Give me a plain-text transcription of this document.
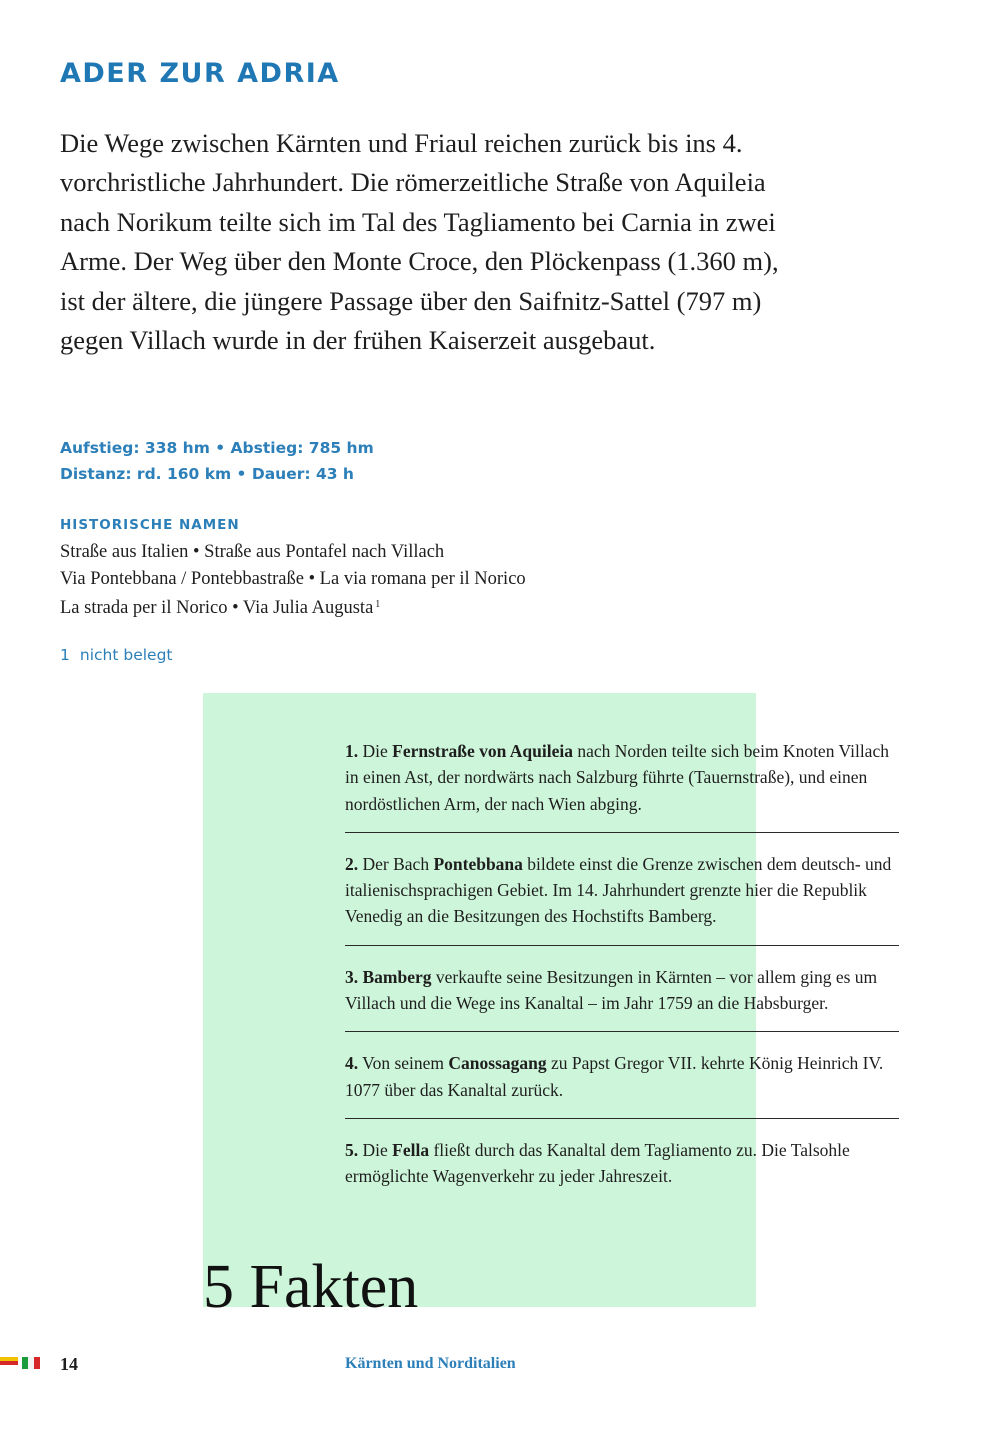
ADER ZUR ADRIA

Die Wege zwischen Kärnten und Friaul reichen zurück bis ins 4. vorchristliche Jahrhundert. Die römerzeitliche Straße von Aquileia nach Norikum teilte sich im Tal des Tagliamento bei Carnia in zwei Arme. Der Weg über den Monte Croce, den Plöckenpass (1.360 m), ist der ältere, die jüngere Passage über den Saifnitz-Sattel (797 m) gegen Villach wurde in der frühen Kaiserzeit ausgebaut.

Aufstieg: 338 hm • Abstieg: 785 hm
Distanz: rd. 160 km • Dauer: 43 h
HISTORISCHE NAMEN
Straße aus Italien • Straße aus Pontafel nach Villach
Via Pontebbana / Pontebbastraße • La via romana per il Norico
La strada per il Norico • Via Julia Augusta $^1$
1 nicht belegt

1. Die Fernstraße von Aquileia nach Norden teilte sich beim Knoten Villach in einen Ast, der nordwärts nach Salzburg führte (Tauernstraße), und einen nordöstlichen Arm, der nach Wien abging.

2. Der Bach Pontebbana bildete einst die Grenze zwischen dem deutsch- und italienischsprachigen Gebiet. Im 14. Jahrhundert grenzte hier die Republik Venedig an die Besitzungen des Hochstifts Bamberg.

3. Bamberg verkaufte seine Besitzungen in Kärnten – vor allem ging es um Villach und die Wege ins Kanaltal – im Jahr 1759 an die Habsburger.

4. Von seinem Canossagang zu Papst Gregor VII. kehrte König Heinrich IV. 1077 über das Kanaltal zurück.

5. Die Fella fließt durch das Kanaltal dem Tagliamento zu. Die Talsohle ermöglichte Wagenverkehr zu jeder Jahreszeit.

5 Fakten
14	Kärnten und Norditalien
